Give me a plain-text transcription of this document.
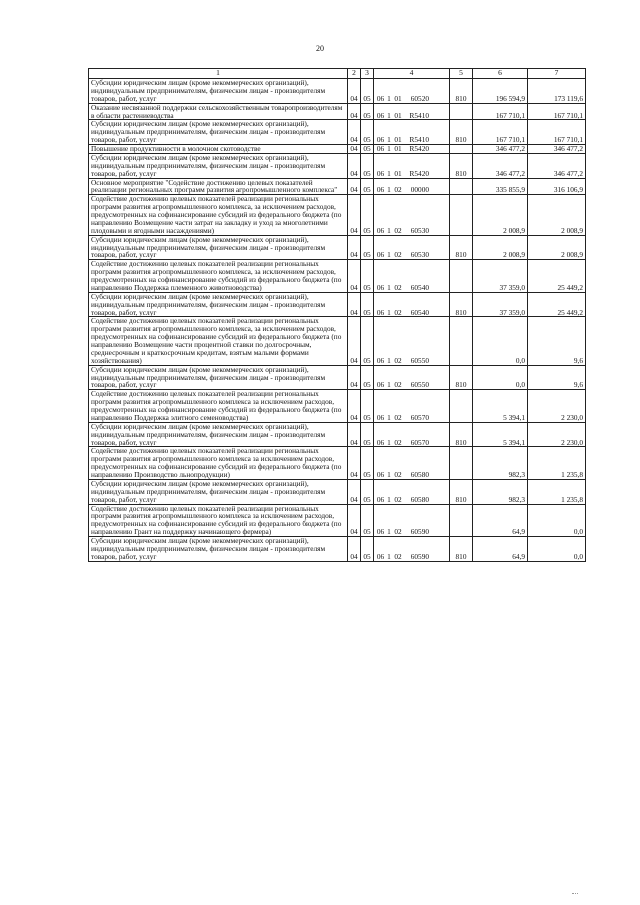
20
1	2	3	4	5	6	7
Субсидии юридическим лицам (кроме некоммерческих организаций), индивидуальным предпринимателям, физическим лицам - производителям товаров, работ, услуг	04	05	06 1 01 60520	810	196 594,9	173 119,6
Оказание несвязанной поддержки сельскохозяйственным товаропроизводителям в области растениеводства	04	05	06 1 01 R5410		167 710,1	167 710,1
Субсидии юридическим лицам (кроме некоммерческих организаций), индивидуальным предпринимателям, физическим лицам - производителям товаров, работ, услуг	04	05	06 1 01 R5410	810	167 710,1	167 710,1
Повышение продуктивности в молочном скотоводстве	04	05	06 1 01 R5420		346 477,2	346 477,2
Субсидии юридическим лицам (кроме некоммерческих организаций), индивидуальным предпринимателям, физическим лицам - производителям товаров, работ, услуг	04	05	06 1 01 R5420	810	346 477,2	346 477,2
Основное мероприятие "Содействие достижению целевых показателей реализации региональных программ развития агропромышленного комплекса"	04	05	06 1 02 00000		335 855,9	316 106,9
Содействие достижению целевых показателей реализации региональных программ развития агропромышленного комплекса, за исключением расходов, предусмотренных на софинансирование субсидий из федерального бюджета (по направлению Возмещение части затрат на закладку и уход за многолетними плодовыми и ягодными насаждениями)	04	05	06 1 02 60530		2 008,9	2 008,9
Субсидии юридическим лицам (кроме некоммерческих организаций), индивидуальным предпринимателям, физическим лицам - производителям товаров, работ, услуг	04	05	06 1 02 60530	810	2 008,9	2 008,9
Содействие достижению целевых показателей реализации региональных программ развития агропромышленного комплекса, за исключением расходов, предусмотренных на софинансирование субсидий из федерального бюджета (по направлению Поддержка племенного животноводства)	04	05	06 1 02 60540		37 359,0	25 449,2
Субсидии юридическим лицам (кроме некоммерческих организаций), индивидуальным предпринимателям, физическим лицам - производителям товаров, работ, услуг	04	05	06 1 02 60540	810	37 359,0	25 449,2
Содействие достижению целевых показателей реализации региональных программ развития агропромышленного комплекса, за исключением расходов, предусмотренных на софинансирование субсидий из федерального бюджета (по направлению Возмещение части процентной ставки по долгосрочным, среднесрочным и краткосрочным кредитам, взятым малыми формами хозяйствования)	04	05	06 1 02 60550		0,0	9,6
Субсидии юридическим лицам (кроме некоммерческих организаций), индивидуальным предпринимателям, физическим лицам - производителям товаров, работ, услуг	04	05	06 1 02 60550	810	0,0	9,6
Содействие достижению целевых показателей реализации региональных программ развития агропромышленного комплекса за исключением расходов, предусмотренных на софинансирование субсидий из федерального бюджета (по направлению Поддержка элитного семеноводства)	04	05	06 1 02 60570		5 394,1	2 230,0
Субсидии юридическим лицам (кроме некоммерческих организаций), индивидуальным предпринимателям, физическим лицам - производителям товаров, работ, услуг	04	05	06 1 02 60570	810	5 394,1	2 230,0
Содействие достижению целевых показателей реализации региональных программ развития агропромышленного комплекса за исключением расходов, предусмотренных на софинансирование субсидий из федерального бюджета (по направлению Производство льнопродукции)	04	05	06 1 02 60580		982,3	1 235,8
Субсидии юридическим лицам (кроме некоммерческих организаций), индивидуальным предпринимателям, физическим лицам - производителям товаров, работ, услуг	04	05	06 1 02 60580	810	982,3	1 235,8
Содействие достижению целевых показателей реализации региональных программ развития агропромышленного комплекса за исключением расходов, предусмотренных на софинансирование субсидий из федерального бюджета (по направлению Грант на поддержку начинающего фермера)	04	05	06 1 02 60590		64,9	0,0
Субсидии юридическим лицам (кроме некоммерческих организаций), индивидуальным предпринимателям, физическим лицам - производителям товаров, работ, услуг	04	05	06 1 02 60590	810	64,9	0,0
